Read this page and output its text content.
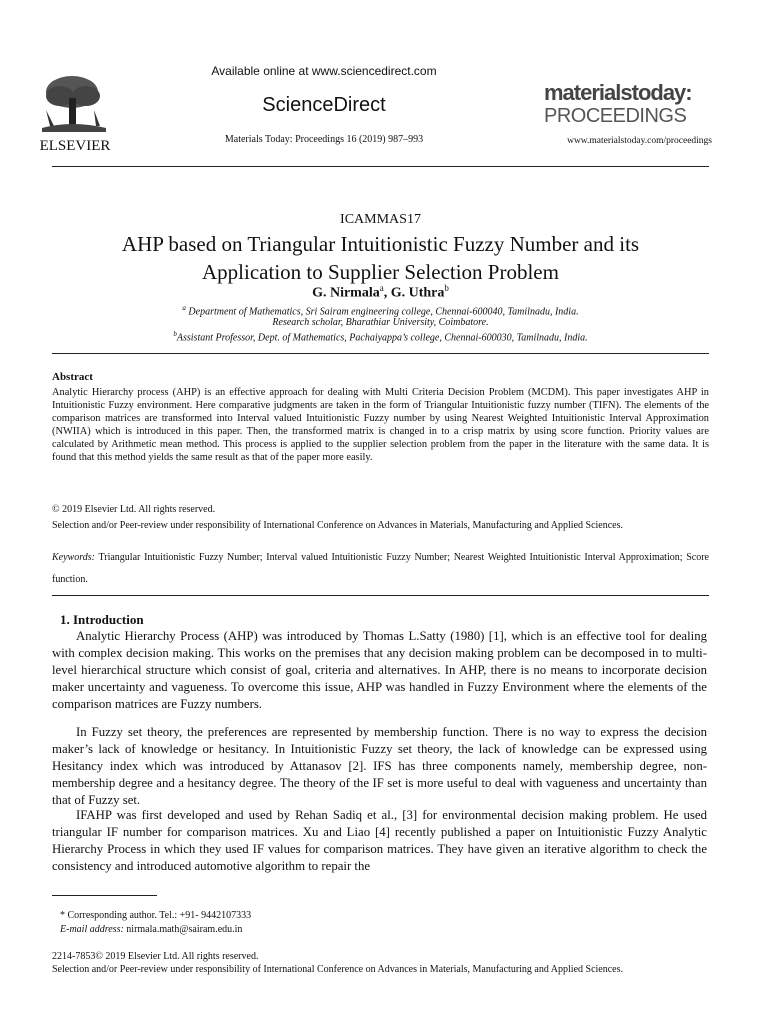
ELSEVIER
Available online at www.sciencedirect.com
ScienceDirect
Materials Today: Proceedings 16 (2019) 987–993
materialstoday:
PROCEEDINGS
www.materialstoday.com/proceedings
ICAMMAS17
AHP based on Triangular Intuitionistic Fuzzy Number and its
Application to Supplier Selection Problem
G. Nirmala$^a$, G. Uthra$^b$
$^a$ Department of Mathematics, Sri Sairam engineering college, Chennai-600040, Tamilnadu, India.
Research scholar, Bharathiar University, Coimbatore.
$^b$Assistant Professor, Dept. of Mathematics, Pachaiyappa’s college, Chennai-600030, Tamilnadu, India.
Abstract
Analytic Hierarchy process (AHP) is an effective approach for dealing with Multi Criteria Decision Problem (MCDM). This paper investigates AHP in Intuitionistic Fuzzy environment. Here comparative judgments are taken in the form of Triangular Intuitionistic fuzzy number (TIFN). The elements of the comparison matrices are transformed into Interval valued Intuitionistic Fuzzy number by using Nearest Weighted Intuitionistic Interval Approximation (NWIIA) which is introduced in this paper. Then, the transformed matrix is changed in to a crisp matrix by using score function. Priority values are calculated by Arithmetic mean method. This process is applied to the supplier selection problem from the paper in the literature with the same data. It is found that this method yields the same result as that of the paper more easily.
© 2019 Elsevier Ltd. All rights reserved.
Selection and/or Peer-review under responsibility of International Conference on Advances in Materials, Manufacturing and Applied Sciences.
Keywords: Triangular Intuitionistic Fuzzy Number; Interval valued Intuitionistic Fuzzy Number; Nearest Weighted Intuitionistic Interval Approximation; Score function.
1. Introduction
Analytic Hierarchy Process (AHP) was introduced by Thomas L.Satty (1980) [1], which is an effective tool for dealing with complex decision making. This works on the premises that any decision making problem can be decomposed in to multi-level hierarchical structure which consist of goal, criteria and alternatives. In AHP, there is no means to incorporate decision maker uncertainty and vagueness. To overcome this issue, AHP was handled in Fuzzy Environment where the elements of the comparison matrices are Fuzzy numbers.
In Fuzzy set theory, the preferences are represented by membership function. There is no way to express the decision maker’s lack of knowledge or hesitancy. In Intuitionistic Fuzzy set theory, the lack of knowledge can be expressed using Hesitancy index which was introduced by Attanasov [2]. IFS has three components namely, membership degree, non-membership degree and a hesitancy degree. The theory of the IF set is more useful to deal with vagueness and uncertainty than that of Fuzzy set.
IFAHP was first developed and used by Rehan Sadiq et al., [3] for environmental decision making problem. He used triangular IF number for comparison matrices. Xu and Liao [4] recently published a paper on Intuitionistic Fuzzy Analytic Hierarchy Process in which they used IF values for comparison matrices. They have given an iterative algorithm to check the consistency and introduced automotive algorithm to repair the
* Corresponding author. Tel.: +91- 9442107333
E-mail address: nirmala.math@sairam.edu.in
2214-7853© 2019 Elsevier Ltd. All rights reserved.
Selection and/or Peer-review under responsibility of International Conference on Advances in Materials, Manufacturing and Applied Sciences.
